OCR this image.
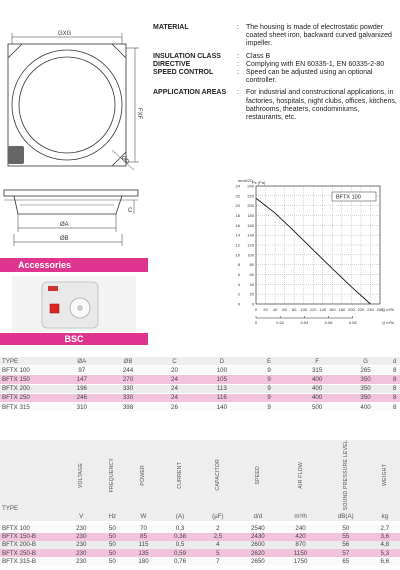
GXG
FXF
ØD
C
ØA
ØB
MATERIAL	:	The housing is made of electrostatic powder coated sheet iron, backward curved galvanized impeller.
INSULATION CLASS	:	Class B
DIRECTIVE	:	Complying with EN 60335-1, EN 60335-2-80
SPEED CONTROL	:	Speed can be adjusted using an optional controller.
APPLICATION AREAS	:	For industrial and constructional applications, in factories, hospitals, night clubs, offices, kitchens, bathrooms, theaters, condominiums, restaurants, etc.
Accessories
BSC
0 20 40 60 80 100 120 140 160 180 200 220 240 260
0
0
20
2
40
4
60
6
80
8
100
10
120
12
140
14
160
16
180
18
200
20
220
22
240
24
0	0.02	0.04	0.06	0.08
BFTX 100
mmH2O Ps (Pa)
Q m³/h
Q m³/s
TYPE	ØA	ØB	C	D	E	F	G	d
BFTX 100	97	244	20	100	9	315	265	8
BFTX 150	147	270	24	105	9	400	350	8
BFTX 200	196	330	24	113	9	400	350	8
BFTX 250	246	330	24	116	9	400	350	8
BFTX 315	310	398	26	140	9	500	400	8
TYPE	VOLTAGE	FREQUENCY	POWER	CURRENT	CAPACITOR	SPEED	AIR FLOW	SOUND PRESSURE LEVEL	WEIGHT
	V	Hz	W	(A)	(µF)	d/d	m³/h	dB(A)	kg

BFTX 100	230	50	70	0,3	2	2540	240	50	2,7
BFTX 150-B	230	50	85	0,38	2,5	2430	420	55	3,6
BFTX 200-B	230	50	115	0,5	4	2600	870	56	4,8
BFTX 250-B	230	50	135	0,59	5	2620	1150	57	5,3
BFTX 315-B	230	50	180	0,76	7	2650	1750	65	6,6
